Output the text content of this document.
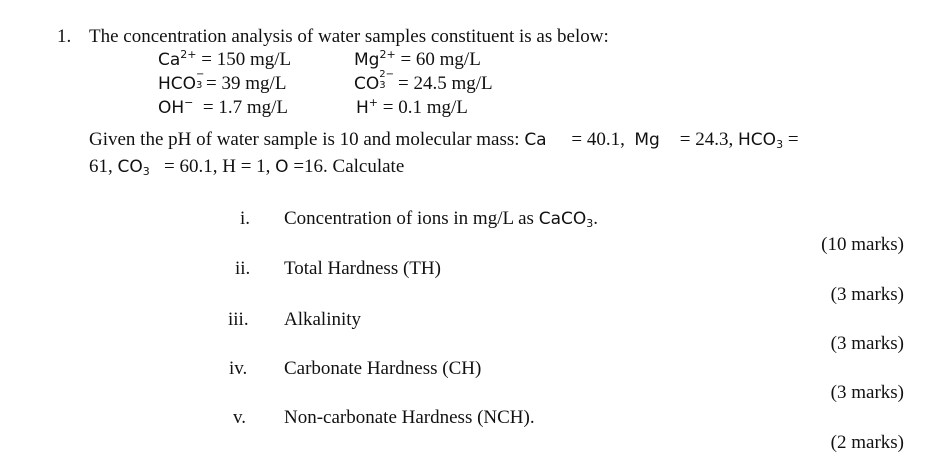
1. The concentration analysis of water samples constituent is as below:
$Ca^{2+} = 150$ mg/L
HCO −
3 = 39 mg/L
OH−  = 1.7 mg/L
$Mg^{2+} = 60$ mg/L
CO 2−
3 = 24.5 mg/L
H+ = 0.1 mg/L
Given the pH of water sample is 10 and molecular mass: Ca = 40.1, Mg = 24.3, $HCO_3$ =
61, $CO_3 = 60.1$, H = 1, O =16. Calculate
i. Concentration of ions in mg/L as CaCO$_3$.
(10 marks)
ii. Total Hardness (TH)
(3 marks)
iii. Alkalinity
(3 marks)
iv. Carbonate Hardness (CH)
(3 marks)
v. Non-carbonate Hardness (NCH).
(2 marks)
